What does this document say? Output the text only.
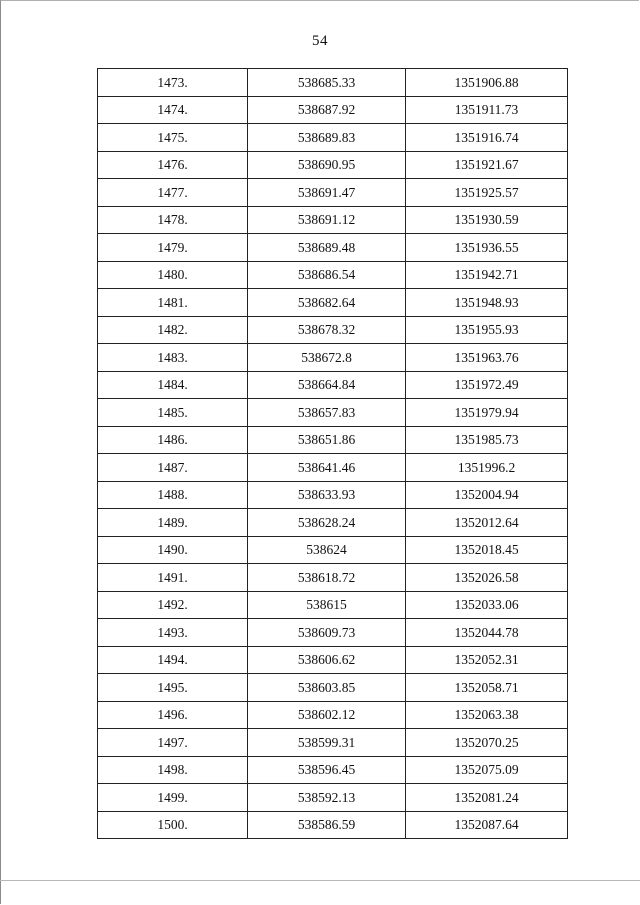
54
1473.	538685.33	1351906.88
1474.	538687.92	1351911.73
1475.	538689.83	1351916.74
1476.	538690.95	1351921.67
1477.	538691.47	1351925.57
1478.	538691.12	1351930.59
1479.	538689.48	1351936.55
1480.	538686.54	1351942.71
1481.	538682.64	1351948.93
1482.	538678.32	1351955.93
1483.	538672.8	1351963.76
1484.	538664.84	1351972.49
1485.	538657.83	1351979.94
1486.	538651.86	1351985.73
1487.	538641.46	1351996.2
1488.	538633.93	1352004.94
1489.	538628.24	1352012.64
1490.	538624	1352018.45
1491.	538618.72	1352026.58
1492.	538615	1352033.06
1493.	538609.73	1352044.78
1494.	538606.62	1352052.31
1495.	538603.85	1352058.71
1496.	538602.12	1352063.38
1497.	538599.31	1352070.25
1498.	538596.45	1352075.09
1499.	538592.13	1352081.24
1500.	538586.59	1352087.64
